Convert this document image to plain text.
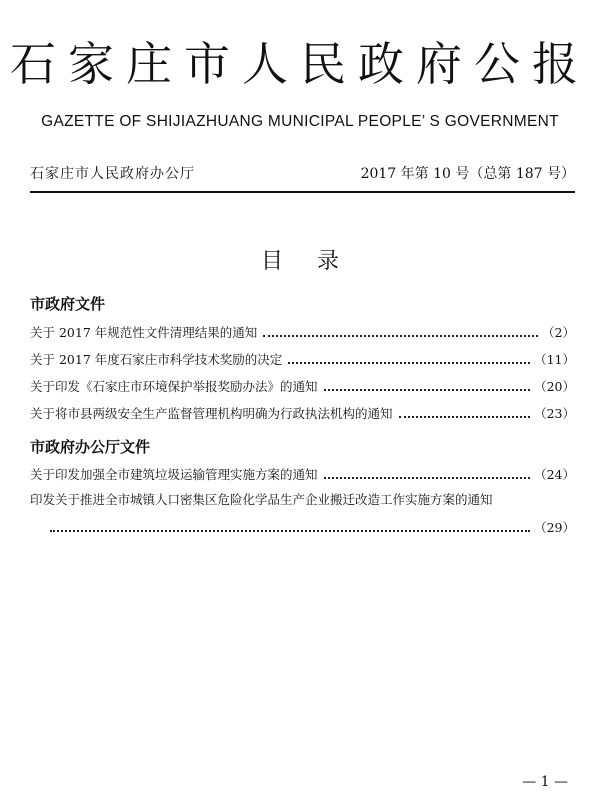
石家庄市人民政府公报
GAZETTE OF SHIJIAZHUANG MUNICIPAL PEOPLE’ S GOVERNMENT
石家庄市人民政府办公厅	2017 年第 10 号（总第 187 号）
目录
市政府文件
关于 2017 年规范性文件清理结果的通知	（2）
关于 2017 年度石家庄市科学技术奖励的决定	（11）
关于印发《石家庄市环境保护举报奖励办法》的通知	（20）
关于将市县两级安全生产监督管理机构明确为行政执法机构的通知	（23）
市政府办公厅文件
关于印发加强全市建筑垃圾运输管理实施方案的通知	（24）
印发关于推进全市城镇人口密集区危险化学品生产企业搬迁改造工作实施方案的通知
（29）
— 1 —
